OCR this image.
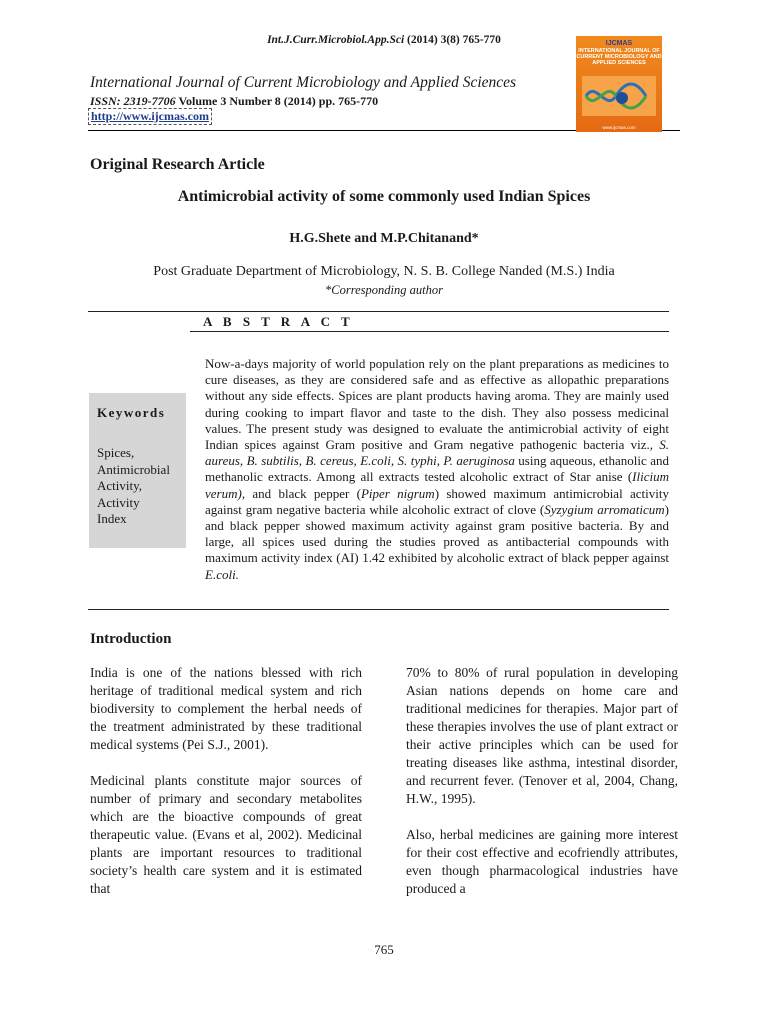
Int.J.Curr.Microbiol.App.Sci (2014) 3(8) 765-770
International Journal of Current Microbiology and Applied Sciences
ISSN: 2319-7706 Volume 3 Number 8 (2014) pp. 765-770
http://www.ijcmas.com
IJCMAS
INTERNATIONAL JOURNAL OF
CURRENT MICROBIOLOGY AND
APPLIED SCIENCES
www.ijcmas.com
Original Research Article
Antimicrobial activity of some commonly used Indian Spices
H.G.Shete and M.P.Chitanand*
Post Graduate Department of Microbiology, N. S. B. College Nanded (M.S.) India
*Corresponding author
A B S T R A C T
Keywords
Spices,
Antimicrobial
Activity,
Activity
Index
Now-a-days majority of world population rely on the plant preparations as medicines to cure diseases, as they are considered safe and as effective as allopathic preparations without any side effects. Spices are plant products having aroma. They are mainly used during cooking to impart flavor and taste to the dish. They also possess medicinal values. The present study was designed to evaluate the antimicrobial activity of eight Indian spices against Gram positive and Gram negative pathogenic bacteria viz., S. aureus, B. subtilis, B. cereus, E.coli, S. typhi, P. aeruginosa using aqueous, ethanolic and methanolic extracts. Among all extracts tested alcoholic extract of Star anise (Ilicium verum), and black pepper (Piper nigrum) showed maximum antimicrobial activity against gram negative bacteria while alcoholic extract of clove (Syzygium arromaticum) and black pepper showed maximum activity against gram positive bacteria. By and large, all spices used during the studies proved as antibacterial compounds with maximum activity index (AI) 1.42 exhibited by alcoholic extract of black pepper against E.coli.
Introduction

India is one of the nations blessed with rich heritage of traditional medical system and rich biodiversity to complement the herbal needs of the treatment administrated by these traditional medical systems (Pei S.J., 2001).

Medicinal plants constitute major sources of number of primary and secondary metabolites which are the bioactive compounds of great therapeutic value. (Evans et al, 2002). Medicinal plants are important resources to traditional society’s health care system and it is estimated that

70% to 80% of rural population in developing Asian nations depends on home care and traditional medicines for therapies. Major part of these therapies involves the use of plant extract or their active principles which can be used for treating diseases like asthma, intestinal disorder, and recurrent fever. (Tenover et al, 2004, Chang, H.W., 1995).

Also, herbal medicines are gaining more interest for their cost effective and ecofriendly attributes, even though pharmacological industries have produced a

765
